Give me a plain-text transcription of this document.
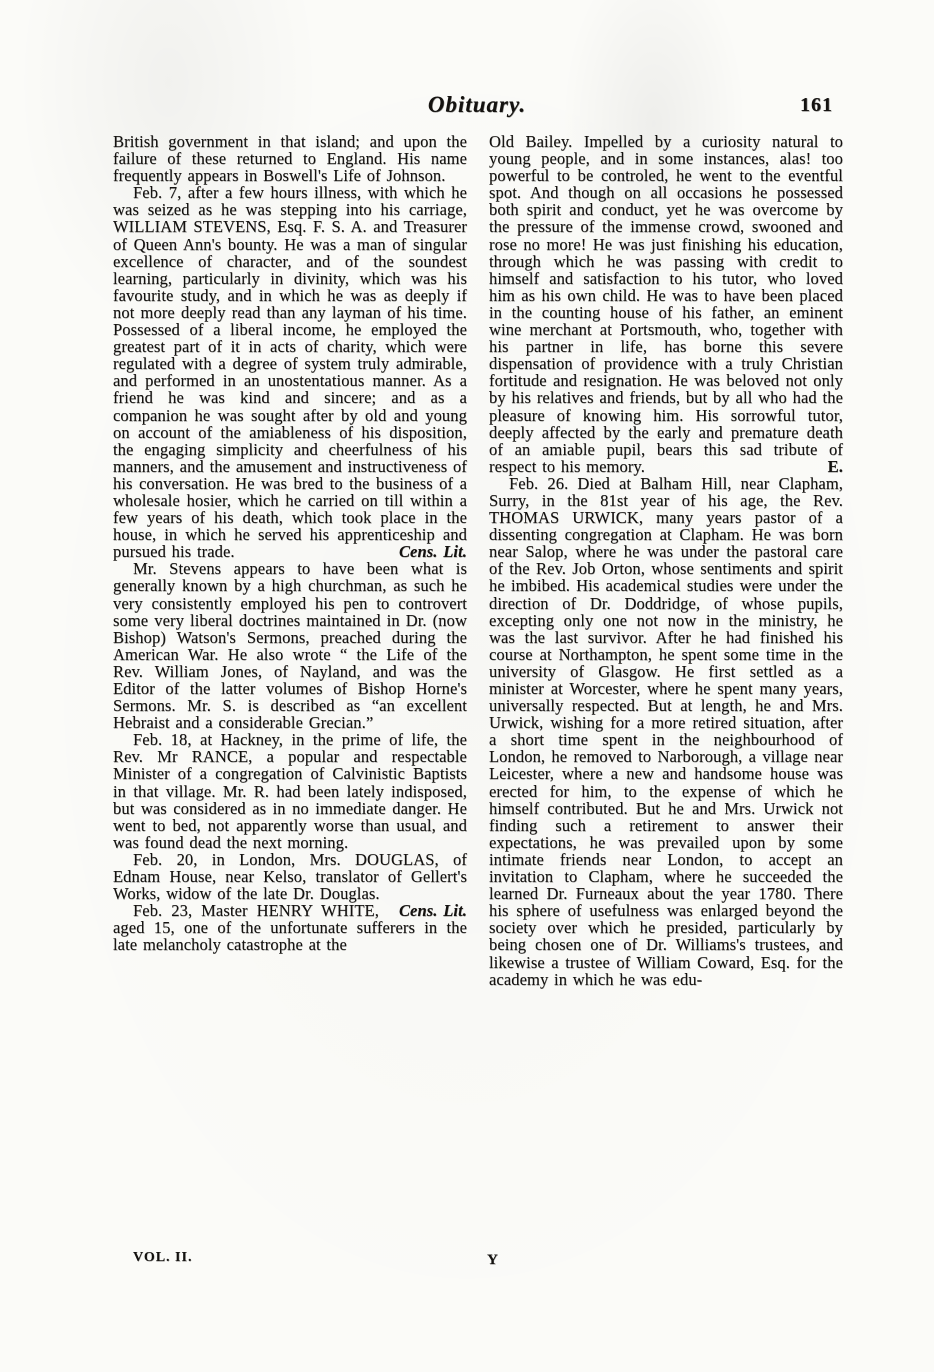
Obituary.	161

British government in that island; and upon the failure of these returned to England. His name frequently appears in Boswell's Life of Johnson.

Feb. 7, after a few hours illness, with which he was seized as he was stepping into his carriage, WILLIAM STEVENS, Esq. F. S. A. and Treasurer of Queen Ann's bounty. He was a man of singular excellence of character, and of the soundest learning, particularly in divinity, which was his favourite study, and in which he was as deeply if not more deeply read than any layman of his time. Possessed of a liberal income, he employed the greatest part of it in acts of charity, which were regulated with a degree of system truly admirable, and performed in an unostentatious manner. As a friend he was kind and sincere; and as a companion he was sought after by old and young on account of the amiableness of his disposition, the engaging simplicity and cheerfulness of his manners, and the amusement and instructiveness of his conversation. He was bred to the business of a wholesale hosier, which he carried on till within a few years of his death, which took place in the house, in which he served his apprenticeship and pursued his trade.	Cens. Lit.

Mr. Stevens appears to have been what is generally known by a high churchman, as such he very consistently employed his pen to controvert some very liberal doctrines maintained in Dr. (now Bishop) Watson's Sermons, preached during the American War. He also wrote “ the Life of the Rev. William Jones, of Nayland, and was the Editor of the latter volumes of Bishop Horne's Sermons. Mr. S. is described as “an excellent Hebraist and a considerable Grecian.”

Feb. 18, at Hackney, in the prime of life, the Rev. Mr RANCE, a popular and respectable Minister of a congregation of Calvinistic Baptists in that village. Mr. R. had been lately indisposed, but was considered as in no immediate danger. He went to bed, not apparently worse than usual, and was found dead the next morning.

Feb. 20, in London, Mrs. DOUGLAS, of Ednam House, near Kelso, translator of Gellert's Works, widow of the late Dr. Douglas.
Cens. Lit.

Feb. 23, Master HENRY WHITE, aged 15, one of the unfortunate sufferers in the late melancholy catastrophe at the

Old Bailey. Impelled by a curiosity natural to young people, and in some instances, alas! too powerful to be controled, he went to the eventful spot. And though on all occasions he possessed both spirit and conduct, yet he was overcome by the pressure of the immense crowd, swooned and rose no more! He was just finishing his education, through which he was passing with credit to himself and satisfaction to his tutor, who loved him as his own child. He was to have been placed in the counting house of his father, an eminent wine merchant at Portsmouth, who, together with his partner in life, has borne this severe dispensation of providence with a truly Christian fortitude and resignation. He was beloved not only by his relatives and friends, but by all who had the pleasure of knowing him. His sorrowful tutor, deeply affected by the early and premature death of an amiable pupil, bears this sad tribute of respect to his memory.	E.

Feb. 26. Died at Balham Hill, near Clapham, Surry, in the 81st year of his age, the Rev. THOMAS URWICK, many years pastor of a dissenting congregation at Clapham. He was born near Salop, where he was under the pastoral care of the Rev. Job Orton, whose sentiments and spirit he imbibed. His academical studies were under the direction of Dr. Doddridge, of whose pupils, excepting only one not now in the ministry, he was the last survivor. After he had finished his course at Northampton, he spent some time in the university of Glasgow. He first settled as a minister at Worcester, where he spent many years, universally respected. But at length, he and Mrs. Urwick, wishing for a more retired situation, after a short time spent in the neighbourhood of London, he removed to Narborough, a village near Leicester, where a new and handsome house was erected for him, to the expense of which he himself contributed. But he and Mrs. Urwick not finding such a retirement to answer their expectations, he was prevailed upon by some intimate friends near London, to accept an invitation to Clapham, where he succeeded the learned Dr. Furneaux about the year 1780. There his sphere of usefulness was enlarged beyond the society over which he presided, particularly by being chosen one of Dr. Williams's trustees, and likewise a trustee of William Coward, Esq. for the academy in which he was edu-

VOL. II.	Y
